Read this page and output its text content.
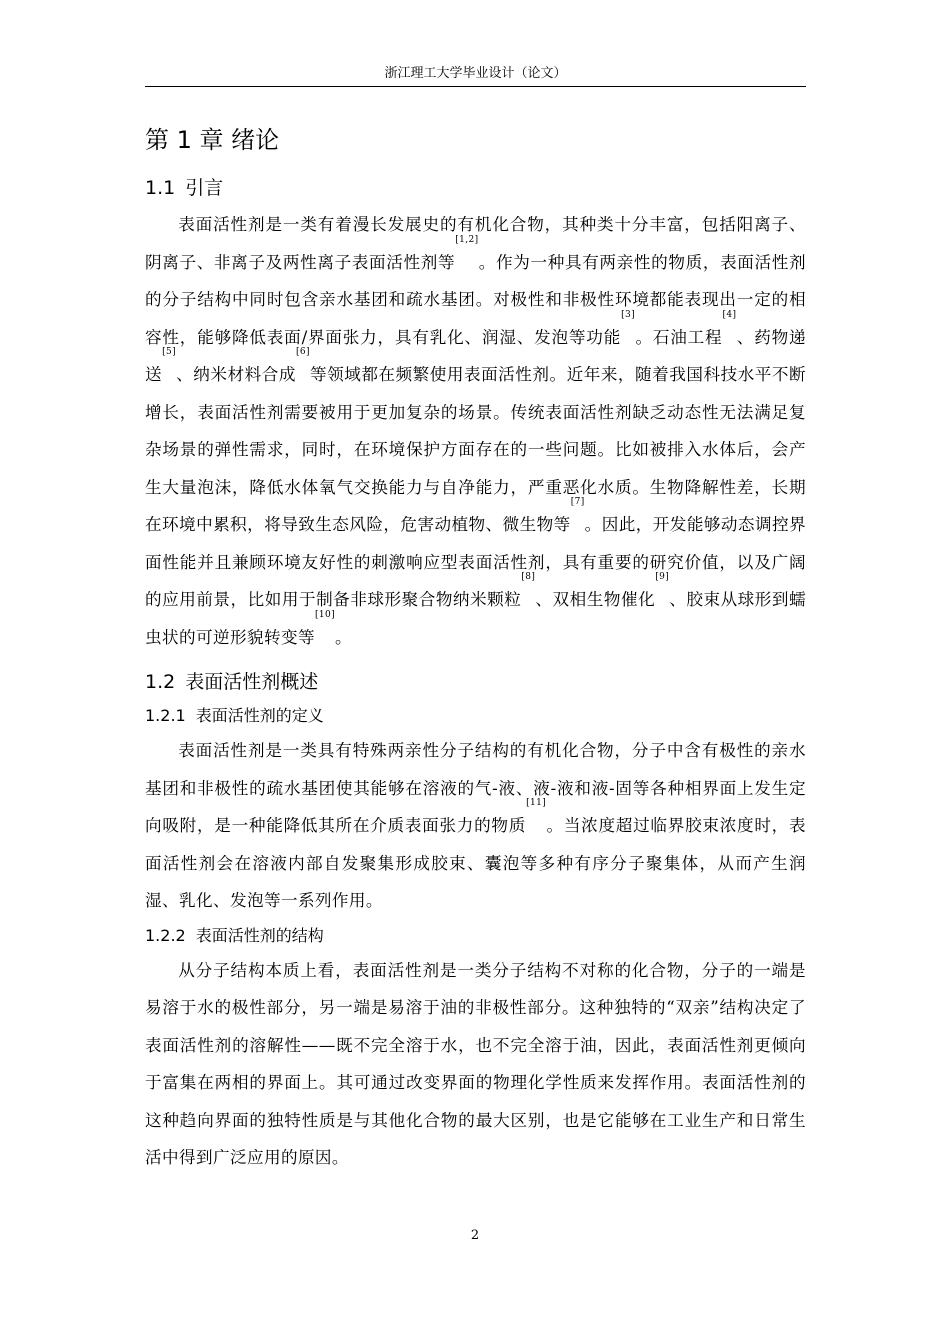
浙江理工大学毕业设计（论文）
第 1 章 绪论
1.1 引言

表面活性剂是一类有着漫长发展史的有机化合物，其种类十分丰富，包括阳离子、阴离子、非离子及两性离子表面活性剂等[1,2]。作为一种具有两亲性的物质，表面活性剂的分子结构中同时包含亲水基团和疏水基团。对极性和非极性环境都能表现出一定的相容性，能够降低表面/界面张力，具有乳化、润湿、发泡等功能[3]。石油工程[4]、药物递送[5]、纳米材料合成[6]等领域都在频繁使用表面活性剂。近年来，随着我国科技水平不断增长，表面活性剂需要被用于更加复杂的场景。传统表面活性剂缺乏动态性无法满足复杂场景的弹性需求，同时，在环境保护方面存在的一些问题。比如被排入水体后，会产生大量泡沫，降低水体氧气交换能力与自净能力，严重恶化水质。生物降解性差，长期在环境中累积，将导致生态风险，危害动植物、微生物等[7]。因此，开发能够动态调控界面性能并且兼顾环境友好性的刺激响应型表面活性剂，具有重要的研究价值，以及广阔的应用前景，比如用于制备非球形聚合物纳米颗粒[8]、双相生物催化[9]、胶束从球形到蠕虫状的可逆形貌转变等[10]。

1.2 表面活性剂概述
1.2.1 表面活性剂的定义

表面活性剂是一类具有特殊两亲性分子结构的有机化合物，分子中含有极性的亲水基团和非极性的疏水基团使其能够在溶液的气-液、液-液和液-固等各种相界面上发生定向吸附，是一种能降低其所在介质表面张力的物质[11]。当浓度超过临界胶束浓度时，表面活性剂会在溶液内部自发聚集形成胶束、囊泡等多种有序分子聚集体，从而产生润湿、乳化、发泡等一系列作用。

1.2.2 表面活性剂的结构

从分子结构本质上看，表面活性剂是一类分子结构不对称的化合物，分子的一端是易溶于水的极性部分，另一端是易溶于油的非极性部分。这种独特的“双亲”结构决定了表面活性剂的溶解性——既不完全溶于水，也不完全溶于油，因此，表面活性剂更倾向于富集在两相的界面上。其可通过改变界面的物理化学性质来发挥作用。表面活性剂的这种趋向界面的独特性质是与其他化合物的最大区别，也是它能够在工业生产和日常生活中得到广泛应用的原因。

2
